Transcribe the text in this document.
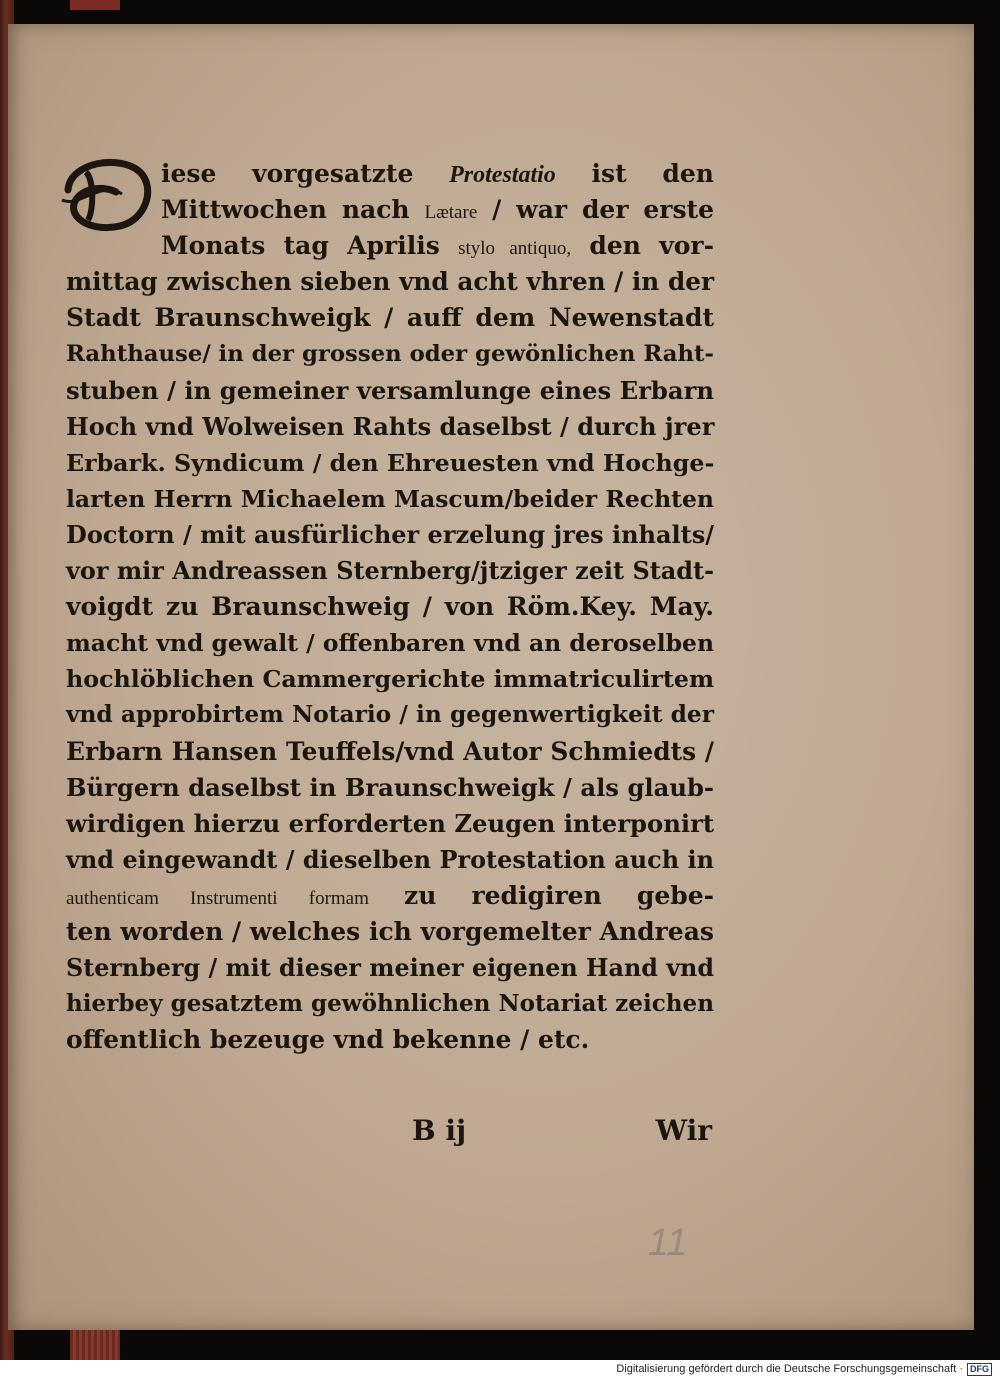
iese vorgesatzte Protestatio ist den
Mittwochen nach Lætare / war der erste
Monats tag Aprilis stylo antiquo, den vor-
mittag zwischen sieben vnd acht vhren / in der
Stadt Braunschweigk / auff dem Newenstadt
Rahthause/ in der grossen oder gewönlichen Raht-
stuben / in gemeiner versamlunge eines Erbarn
Hoch vnd Wolweisen Rahts daselbst / durch jrer
Erbark. Syndicum / den Ehreuesten vnd Hochge-
larten Herrn Michaelem Mascum/beider Rechten
Doctorn / mit ausfürlicher erzelung jres inhalts/
vor mir Andreassen Sternberg/jtziger zeit Stadt-
voigdt zu Braunschweig / von Röm.Key. May.
macht vnd gewalt / offenbaren vnd an deroselben
hochlöblichen Cammergerichte immatriculirtem
vnd approbirtem Notario / in gegenwertigkeit der
Erbarn Hansen Teuffels/vnd Autor Schmiedts /
Bürgern daselbst in Braunschweigk / als glaub-
wirdigen hierzu erforderten Zeugen interponirt
vnd eingewandt / dieselben Protestation auch in
authenticam Instrumenti formam zu redigiren gebe-
ten worden / welches ich vorgemelter Andreas
Sternberg / mit dieser meiner eigenen Hand vnd
hierbey gesatztem gewöhnlichen Notariat zeichen
offentlich bezeuge vnd bekenne / etc.
B ij	Wir
11
Digitalisierung gefördert durch die Deutsche Forschungsgemeinschaft · DFG
